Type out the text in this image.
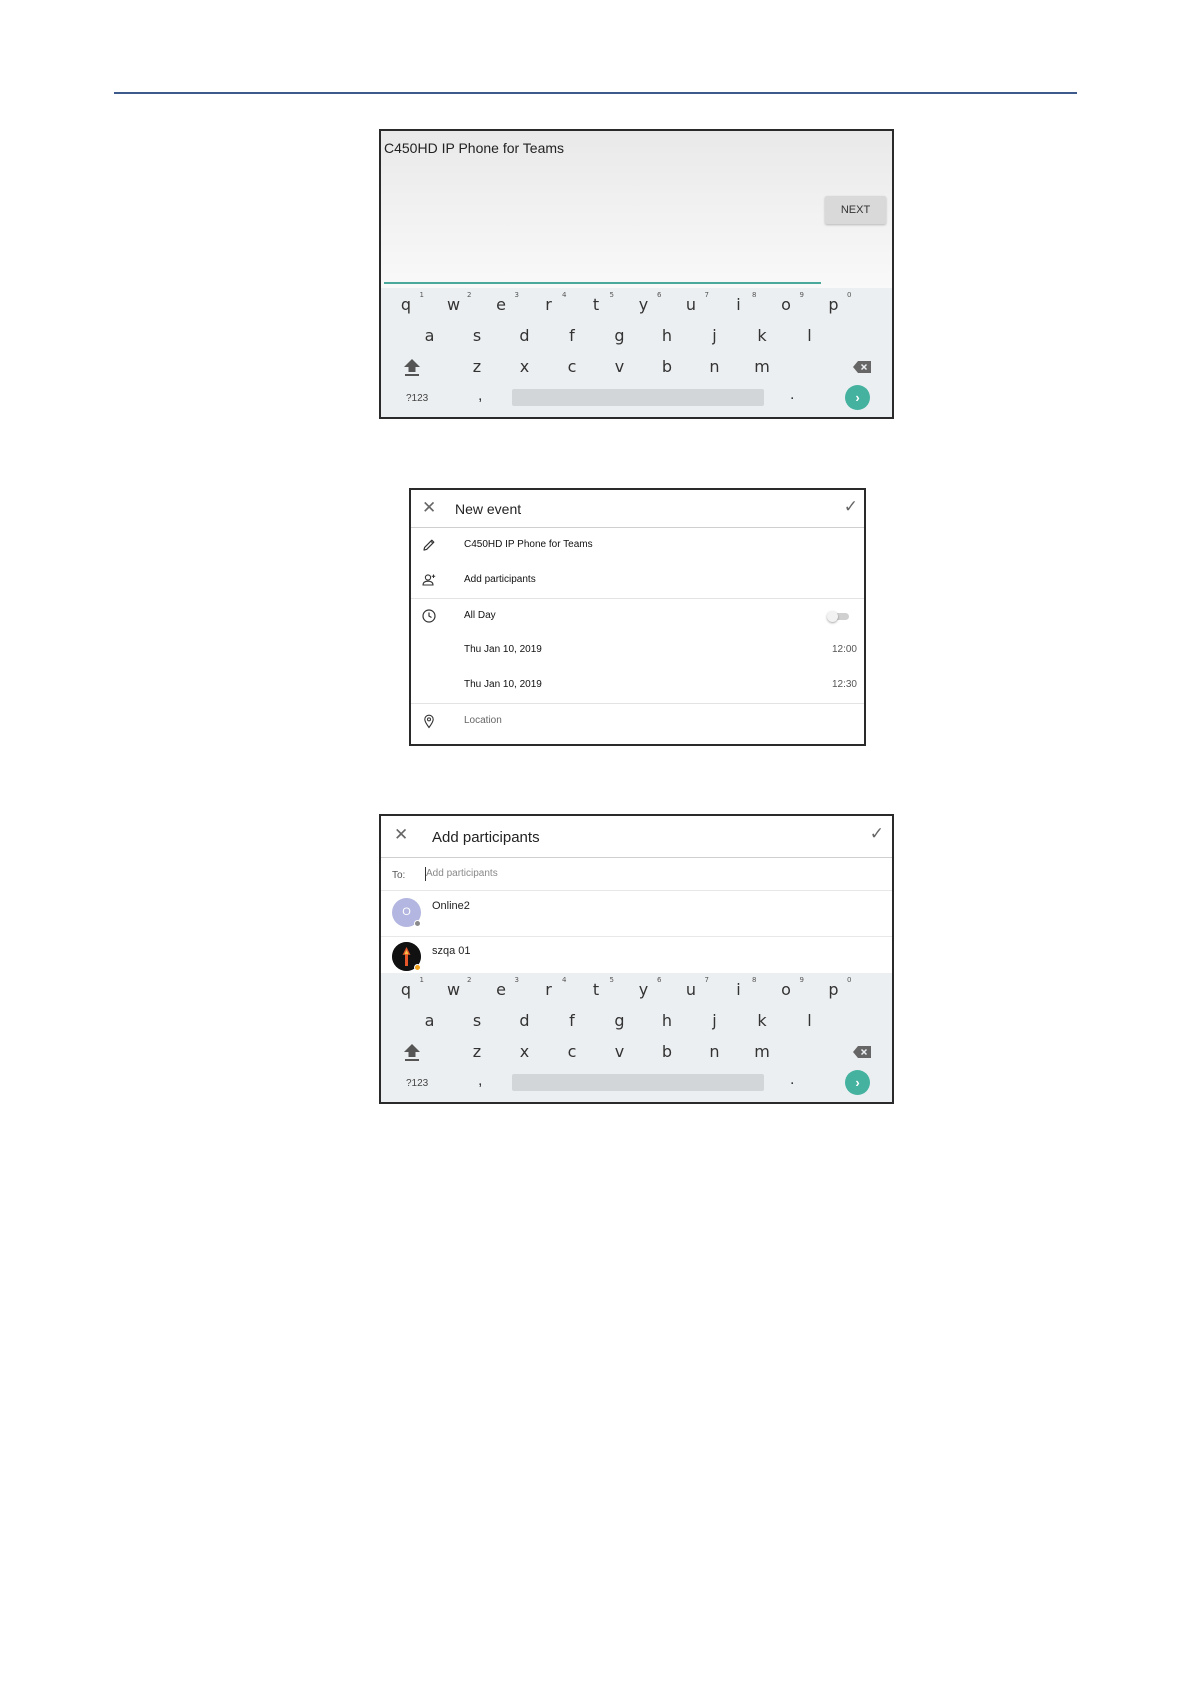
C450HD IP Phone for Teams
NEXT
q 1	w 2	e 3	r 4	t 5	y 6	u 7	i 8	o 9	p 0
a	s	d	f	g	h	j	k	l
z	x	c	v	b	n	m
?123	,	.	›
✕ New event	✓
C450HD IP Phone for Teams
Add participants
All Day
Thu Jan 10, 2019	12:00
Thu Jan 10, 2019	12:30
Location
✕ Add participants	✓
To:
Add participants
O	Online2
szqa 01
q 1	w 2	e 3	r 4	t 5	y 6	u 7	i 8	o 9	p 0
a	s	d	f	g	h	j	k	l
z	x	c	v	b	n	m
?123	,	.	›
